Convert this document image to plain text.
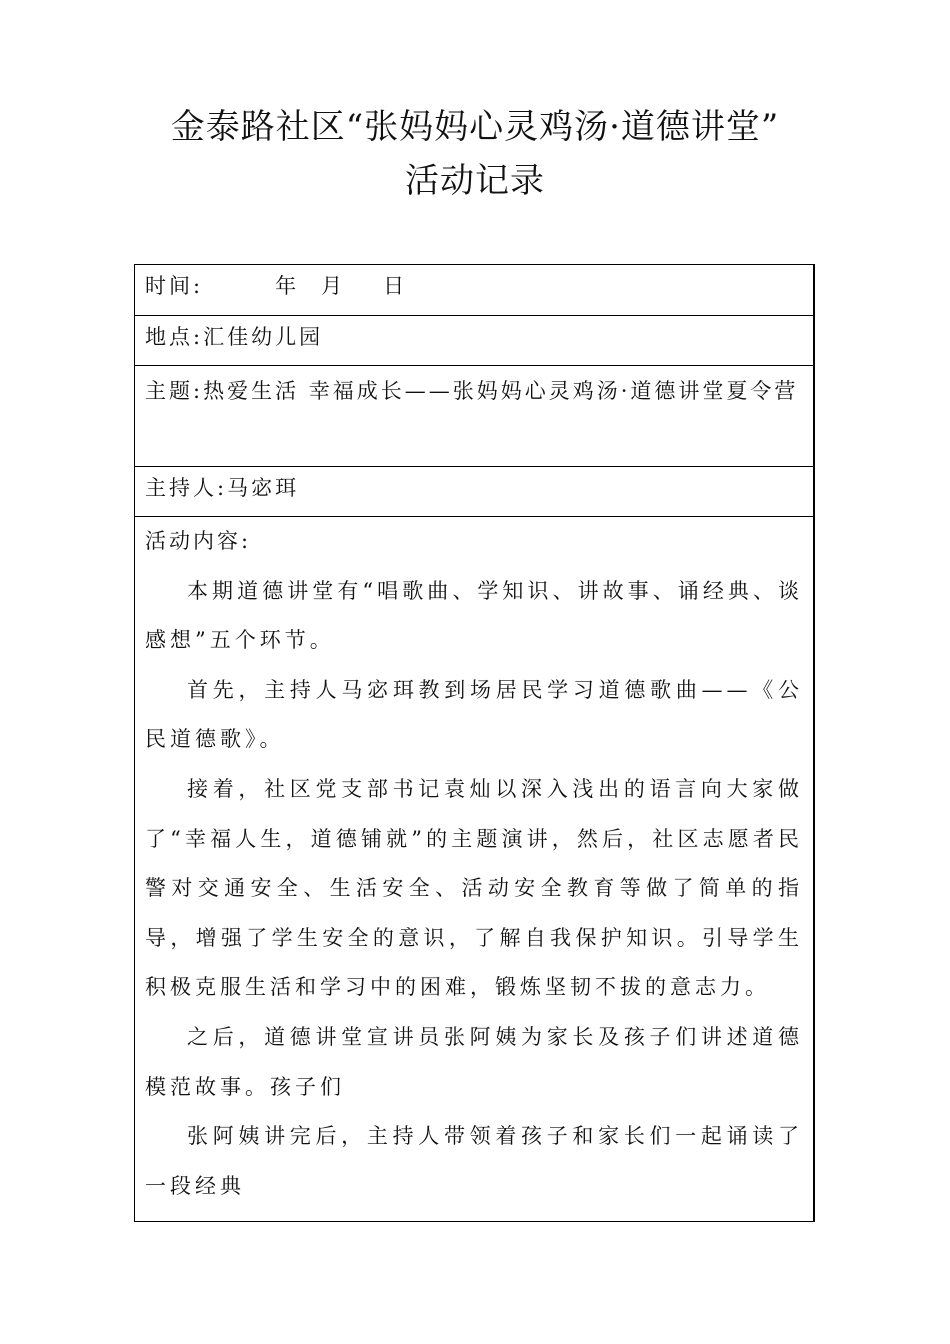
金泰路社区“张妈妈心灵鸡汤·道德讲堂”
活动记录
时间:	年 月 日
地点:汇佳幼儿园
主题:热爱生活 幸福成长——张妈妈心灵鸡汤·道德讲堂夏令营
主持人:马宓珥
活动内容:

本期道德讲堂有“唱歌曲、学知识、讲故事、诵经典、谈感想”五个环节。

首先，主持人马宓珥教到场居民学习道德歌曲——《公民道德歌》。

接着，社区党支部书记袁灿以深入浅出的语言向大家做了“幸福人生，道德铺就”的主题演讲，然后，社区志愿者民警对交通安全、生活安全、活动安全教育等做了简单的指导，增强了学生安全的意识，了解自我保护知识。引导学生积极克服生活和学习中的困难，锻炼坚韧不拔的意志力。

之后，道德讲堂宣讲员张阿姨为家长及孩子们讲述道德模范故事。孩子们

张阿姨讲完后，主持人带领着孩子和家长们一起诵读了一段经典
